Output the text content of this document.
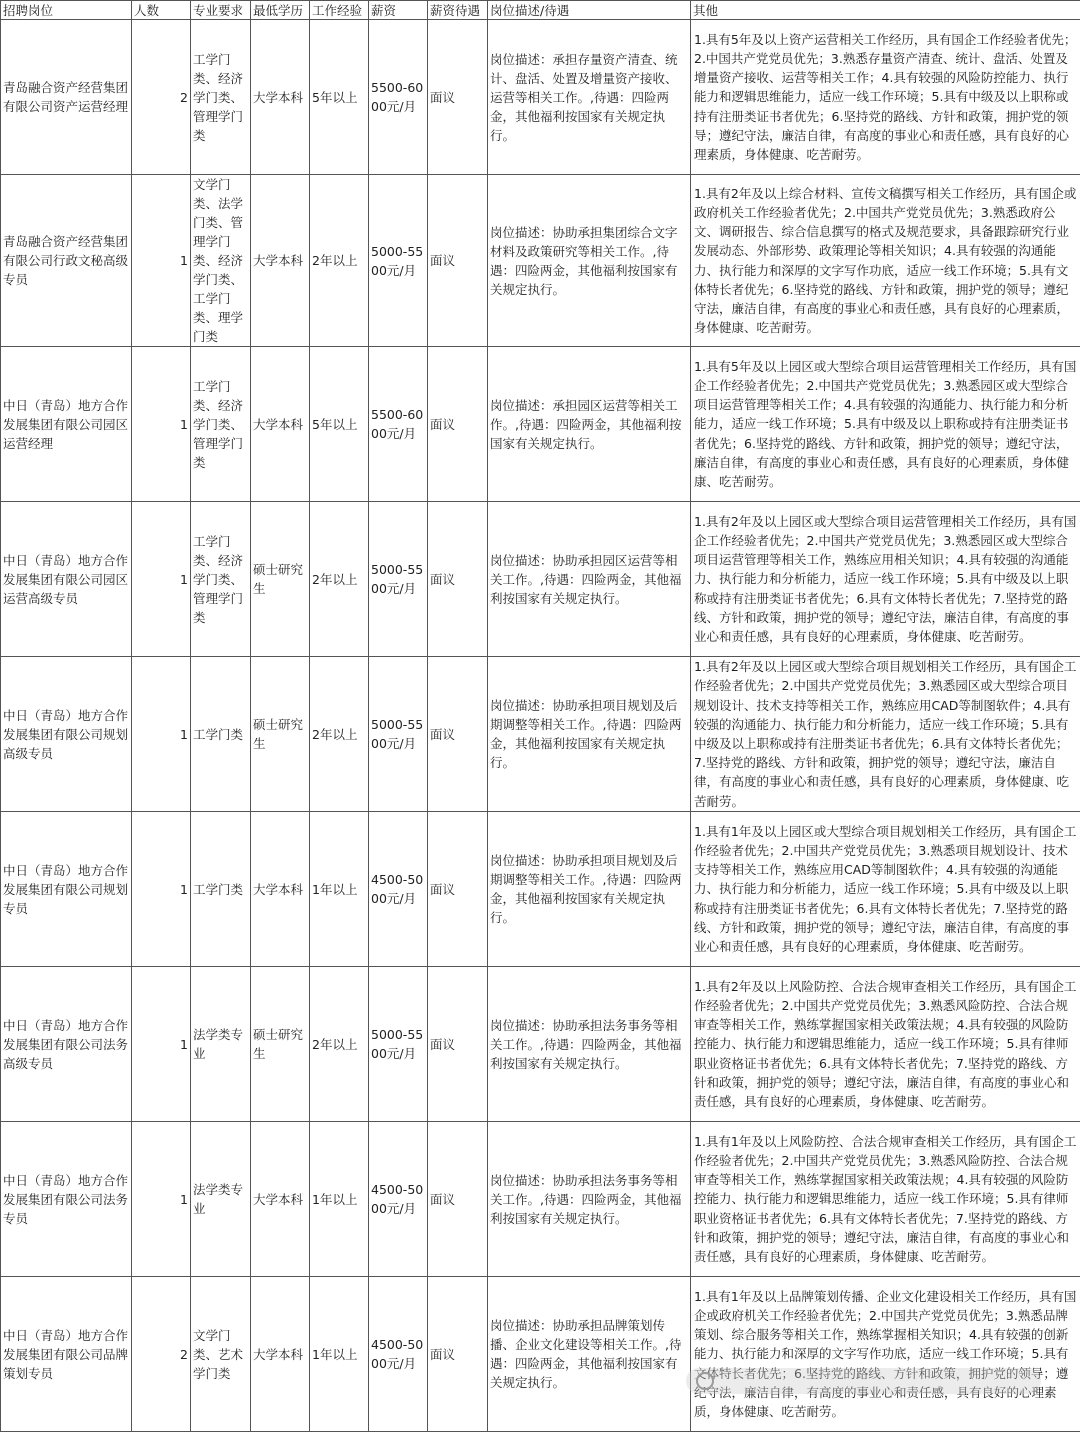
招聘岗位	人数	专业要求	最低学历	工作经验	薪资	薪资待遇	岗位描述/待遇	其他
青岛融合资产经营集团有限公司资产运营经理	2	工学门类、经济学门类、管理学门类	大学本科	5年以上	5500-6000元/月	面议	岗位描述：承担存量资产清查、统计、盘活、处置及增量资产接收、运营等相关工作。,待遇：四险两金，其他福利按国家有关规定执行。	1.具有5年及以上资产运营相关工作经历，具有国企工作经验者优先；2.中国共产党党员优先；3.熟悉存量资产清查、统计、盘活、处置及增量资产接收、运营等相关工作；4.具有较强的风险防控能力、执行能力和逻辑思维能力，适应一线工作环境；5.具有中级及以上职称或持有注册类证书者优先；6.坚持党的路线、方针和政策，拥护党的领导；遵纪守法，廉洁自律，有高度的事业心和责任感，具有良好的心理素质，身体健康、吃苦耐劳。
青岛融合资产经营集团有限公司行政文秘高级专员	1	文学门类、法学门类、管理学门类、经济学门类、工学门类、理学门类	大学本科	2年以上	5000-5500元/月	面议	岗位描述：协助承担集团综合文字材料及政策研究等相关工作。,待遇：四险两金，其他福利按国家有关规定执行。	1.具有2年及以上综合材料、宣传文稿撰写相关工作经历，具有国企或政府机关工作经验者优先；2.中国共产党党员优先；3.熟悉政府公文、调研报告、综合信息撰写的格式及规范要求，具备跟踪研究行业发展动态、外部形势、政策理论等相关知识；4.具有较强的沟通能力、执行能力和深厚的文字写作功底，适应一线工作环境；5.具有文体特长者优先；6.坚持党的路线、方针和政策，拥护党的领导；遵纪守法，廉洁自律，有高度的事业心和责任感，具有良好的心理素质，身体健康、吃苦耐劳。
中日（青岛）地方合作发展集团有限公司园区运营经理	1	工学门类、经济学门类、管理学门类	大学本科	5年以上	5500-6000元/月	面议	岗位描述：承担园区运营等相关工作。,待遇：四险两金，其他福利按国家有关规定执行。	1.具有5年及以上园区或大型综合项目运营管理相关工作经历，具有国企工作经验者优先；2.中国共产党党员优先；3.熟悉园区或大型综合项目运营管理等相关工作；4.具有较强的沟通能力、执行能力和分析能力，适应一线工作环境；5.具有中级及以上职称或持有注册类证书者优先；6.坚持党的路线、方针和政策，拥护党的领导；遵纪守法，廉洁自律，有高度的事业心和责任感，具有良好的心理素质，身体健康、吃苦耐劳。
中日（青岛）地方合作发展集团有限公司园区运营高级专员	1	工学门类、经济学门类、管理学门类	硕士研究生	2年以上	5000-5500元/月	面议	岗位描述：协助承担园区运营等相关工作。,待遇：四险两金，其他福利按国家有关规定执行。	1.具有2年及以上园区或大型综合项目运营管理相关工作经历，具有国企工作经验者优先；2.中国共产党党员优先；3.熟悉园区或大型综合项目运营管理等相关工作，熟练应用相关知识；4.具有较强的沟通能力、执行能力和分析能力，适应一线工作环境；5.具有中级及以上职称或持有注册类证书者优先；6.具有文体特长者优先；7.坚持党的路线、方针和政策，拥护党的领导；遵纪守法，廉洁自律，有高度的事业心和责任感，具有良好的心理素质，身体健康、吃苦耐劳。
中日（青岛）地方合作发展集团有限公司规划高级专员	1	工学门类	硕士研究生	2年以上	5000-5500元/月	面议	岗位描述：协助承担项目规划及后期调整等相关工作。,待遇：四险两金，其他福利按国家有关规定执行。	1.具有2年及以上园区或大型综合项目规划相关工作经历，具有国企工作经验者优先；2.中国共产党党员优先；3.熟悉园区或大型综合项目规划设计、技术支持等相关工作，熟练应用CAD等制图软件；4.具有较强的沟通能力、执行能力和分析能力，适应一线工作环境；5.具有中级及以上职称或持有注册类证书者优先；6.具有文体特长者优先；7.坚持党的路线、方针和政策，拥护党的领导；遵纪守法，廉洁自律，有高度的事业心和责任感，具有良好的心理素质，身体健康、吃苦耐劳。
中日（青岛）地方合作发展集团有限公司规划专员	1	工学门类	大学本科	1年以上	4500-5000元/月	面议	岗位描述：协助承担项目规划及后期调整等相关工作。,待遇：四险两金，其他福利按国家有关规定执行。	1.具有1年及以上园区或大型综合项目规划相关工作经历，具有国企工作经验者优先；2.中国共产党党员优先；3.熟悉项目规划设计、技术支持等相关工作，熟练应用CAD等制图软件；4.具有较强的沟通能力、执行能力和分析能力，适应一线工作环境；5.具有中级及以上职称或持有注册类证书者优先；6.具有文体特长者优先；7.坚持党的路线、方针和政策，拥护党的领导；遵纪守法，廉洁自律，有高度的事业心和责任感，具有良好的心理素质，身体健康、吃苦耐劳。
中日（青岛）地方合作发展集团有限公司法务高级专员	1	法学类专业	硕士研究生	2年以上	5000-5500元/月	面议	岗位描述：协助承担法务事务等相关工作。,待遇：四险两金，其他福利按国家有关规定执行。	1.具有2年及以上风险防控、合法合规审查相关工作经历，具有国企工作经验者优先；2.中国共产党党员优先；3.熟悉风险防控、合法合规审查等相关工作，熟练掌握国家相关政策法规；4.具有较强的风险防控能力、执行能力和逻辑思维能力，适应一线工作环境；5.具有律师职业资格证书者优先；6.具有文体特长者优先；7.坚持党的路线、方针和政策，拥护党的领导；遵纪守法，廉洁自律，有高度的事业心和责任感，具有良好的心理素质，身体健康、吃苦耐劳。
中日（青岛）地方合作发展集团有限公司法务专员	1	法学类专业	大学本科	1年以上	4500-5000元/月	面议	岗位描述：协助承担法务事务等相关工作。,待遇：四险两金，其他福利按国家有关规定执行。	1.具有1年及以上风险防控、合法合规审查相关工作经历，具有国企工作经验者优先；2.中国共产党党员优先；3.熟悉风险防控、合法合规审查等相关工作，熟练掌握国家相关政策法规；4.具有较强的风险防控能力、执行能力和逻辑思维能力，适应一线工作环境；5.具有律师职业资格证书者优先；6.具有文体特长者优先；7.坚持党的路线、方针和政策，拥护党的领导；遵纪守法，廉洁自律，有高度的事业心和责任感，具有良好的心理素质，身体健康、吃苦耐劳。
中日（青岛）地方合作发展集团有限公司品牌策划专员	2	文学门类、艺术学门类	大学本科	1年以上	4500-5000元/月	面议	岗位描述：协助承担品牌策划传播、企业文化建设等相关工作。,待遇：四险两金，其他福利按国家有关规定执行。	1.具有1年及以上品牌策划传播、企业文化建设相关工作经历，具有国企或政府机关工作经验者优先；2.中国共产党党员优先；3.熟悉品牌策划、综合服务等相关工作，熟练掌握相关知识；4.具有较强的创新能力、执行能力和深厚的文字写作功底，适应一线工作环境；5.具有文体特长者优先；6.坚持党的路线、方针和政策，拥护党的领导；遵纪守法，廉洁自律，有高度的事业心和责任感，具有良好的心理素质，身体健康、吃苦耐劳。
